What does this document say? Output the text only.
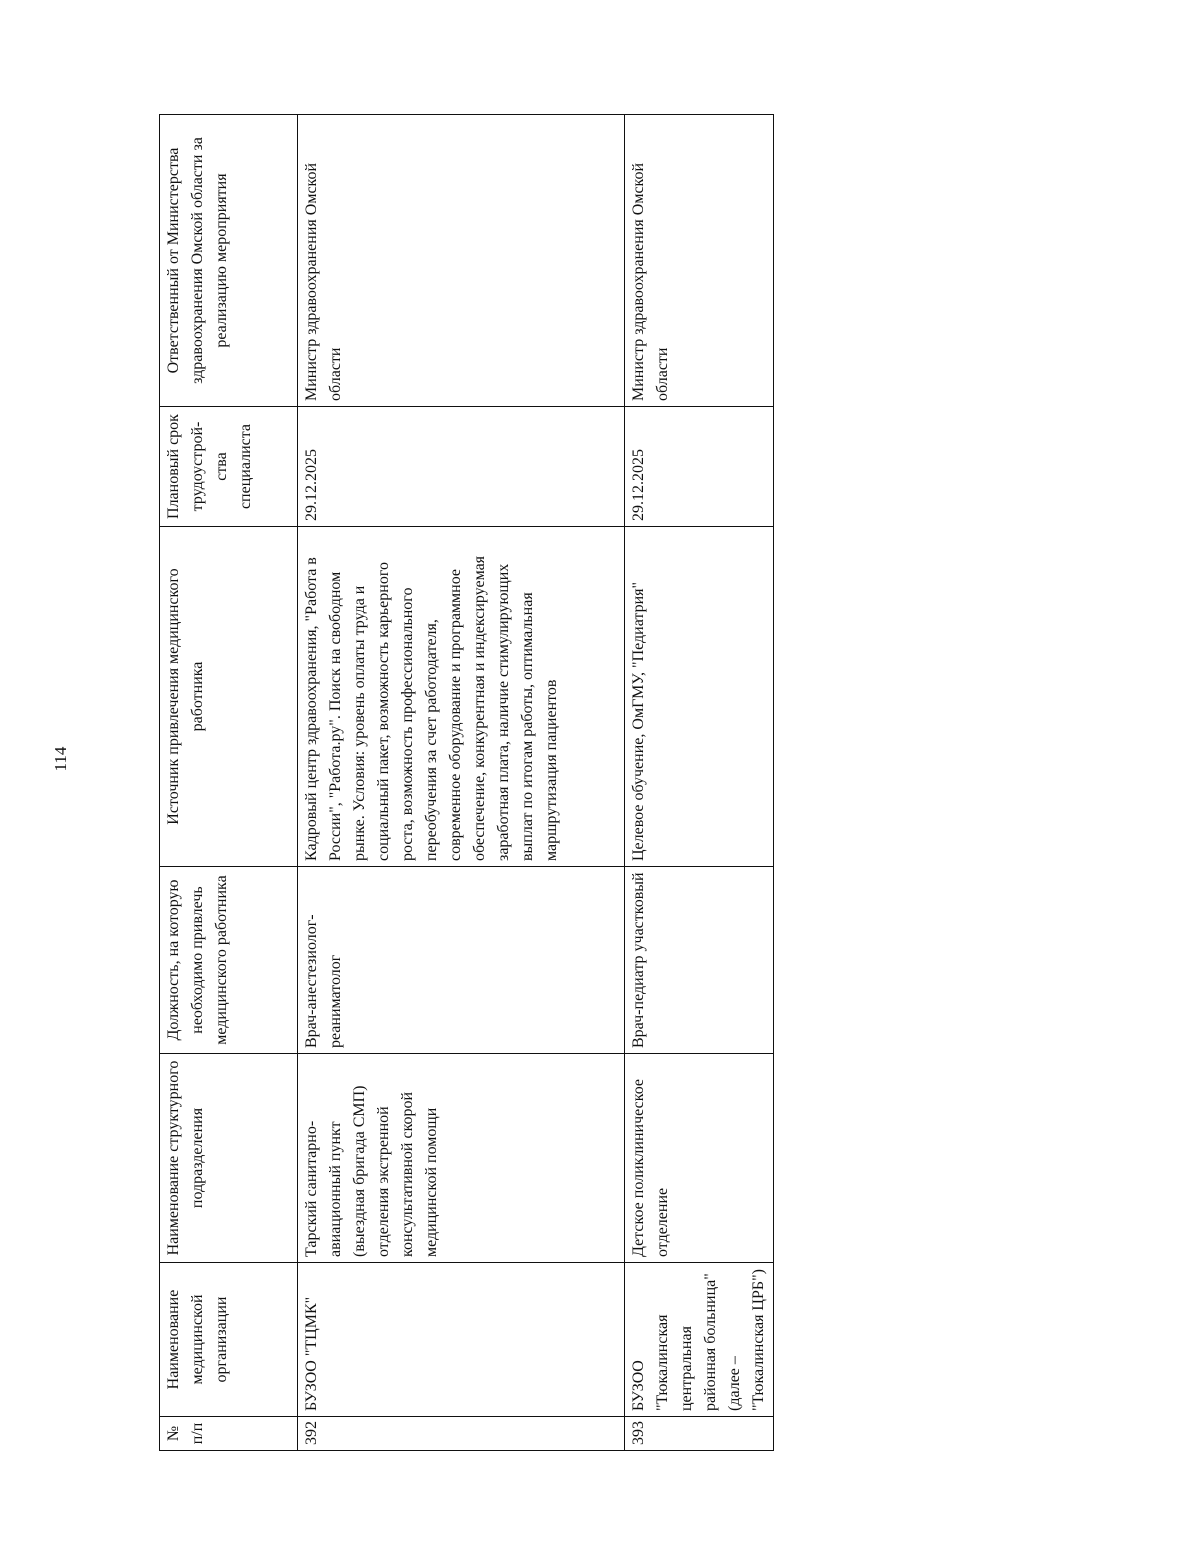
114
№ п/п	Наименование медицинской организации	Наименование структурного подразделения	Должность, на которую необходимо привлечь медицинского работника	Источник привлечения медицинского работника	Плановый срок трудоустрой-ства специалиста	Ответственный от Министерства здравоохранения Омской области за реализацию мероприятия
392	БУЗОО "ТЦМК"	Тарский санитарно-авиационный пункт (выездная бригада СМП) отделения экстренной консультативной скорой медицинской помощи	Врач-анестезиолог-реаниматолог	Кадровый центр здравоохранения, "Работа в России", "Работа.ру". Поиск на свободном рынке. Условия: уровень оплаты труда и социальный пакет, возможность карьерного роста, возможность профессионального переобучения за счет работодателя, современное оборудование и программное обеспечение, конкурентная и индексируемая заработная плата, наличие стимулирующих выплат по итогам работы, оптимальная маршрутизация пациентов	29.12.2025	Министр здравоохранения Омской области
393	БУЗОО "Тюкалинская центральная районная больница" (далее – "Тюкалинская ЦРБ")	Детское поликлиническое отделение	Врач-педиатр участковый	Целевое обучение, ОмГМУ, "Педиатрия"	29.12.2025	Министр здравоохранения Омской области
